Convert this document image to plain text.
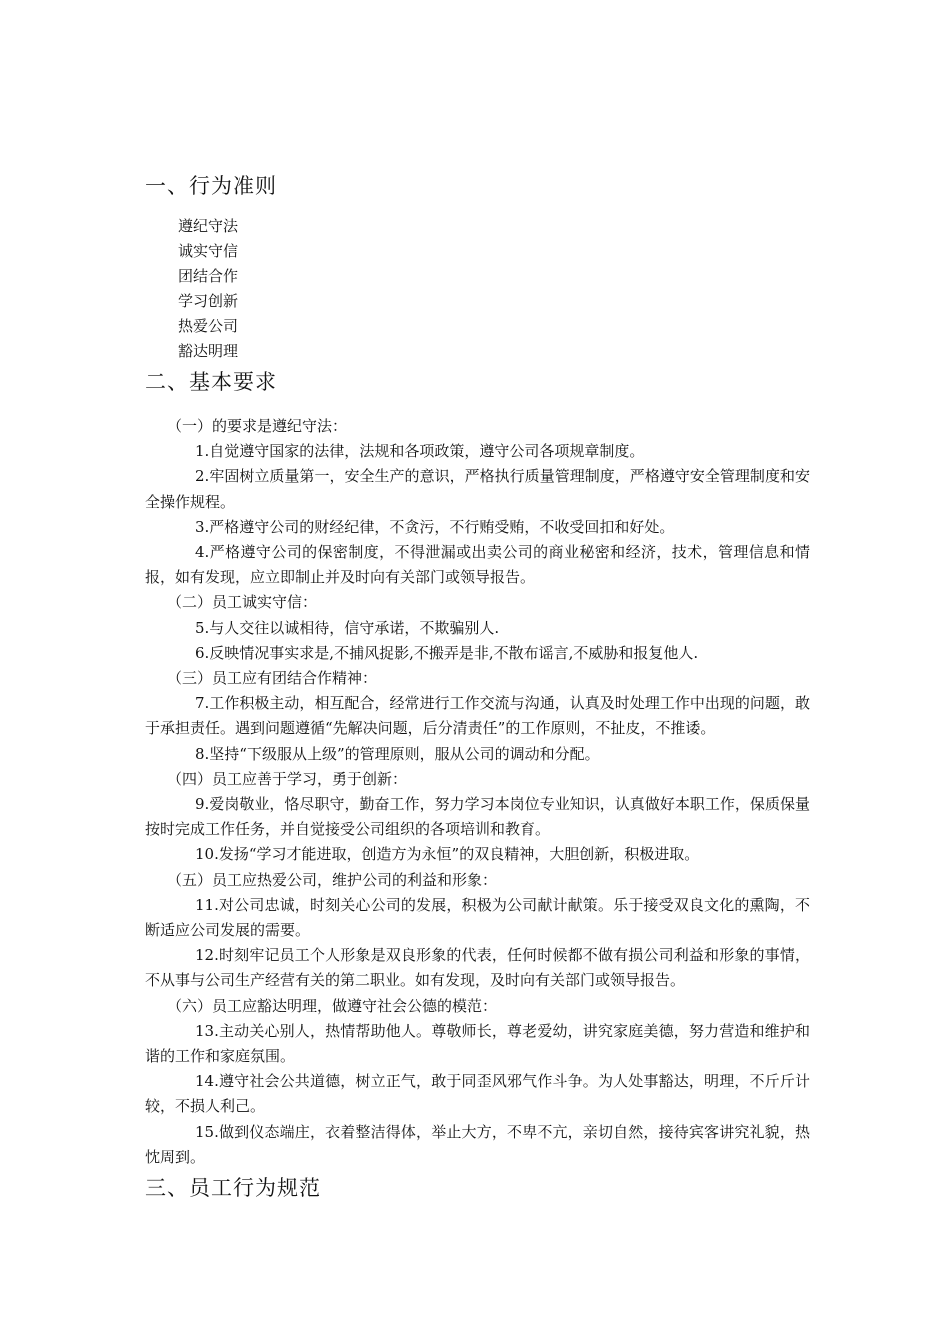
一、行为准则
遵纪守法
诚实守信
团结合作
学习创新
热爱公司
豁达明理
二、基本要求

（一）的要求是遵纪守法：

1.自觉遵守国家的法律，法规和各项政策，遵守公司各项规章制度。

2.牢固树立质量第一，安全生产的意识，严格执行质量管理制度，严格遵守安全管理制度和安全操作规程。

3.严格遵守公司的财经纪律，不贪污，不行贿受贿，不收受回扣和好处。

4.严格遵守公司的保密制度，不得泄漏或出卖公司的商业秘密和经济，技术，管理信息和情报，如有发现，应立即制止并及时向有关部门或领导报告。

（二）员工诚实守信：

5.与人交往以诚相待，信守承诺，不欺骗别人.

6.反映情况事实求是,不捕风捉影,不搬弄是非,不散布谣言,不威胁和报复他人.

（三）员工应有团结合作精神：

7.工作积极主动，相互配合，经常进行工作交流与沟通，认真及时处理工作中出现的问题，敢于承担责任。遇到问题遵循“先解决问题，后分清责任”的工作原则，不扯皮，不推诿。

8.坚持“下级服从上级”的管理原则，服从公司的调动和分配。

（四）员工应善于学习，勇于创新：

9.爱岗敬业，恪尽职守，勤奋工作，努力学习本岗位专业知识，认真做好本职工作，保质保量按时完成工作任务，并自觉接受公司组织的各项培训和教育。

10.发扬“学习才能进取，创造方为永恒”的双良精神，大胆创新，积极进取。

（五）员工应热爱公司，维护公司的利益和形象：

11.对公司忠诚，时刻关心公司的发展，积极为公司献计献策。乐于接受双良文化的熏陶，不断适应公司发展的需要。

12.时刻牢记员工个人形象是双良形象的代表，任何时候都不做有损公司利益和形象的事情，不从事与公司生产经营有关的第二职业。如有发现，及时向有关部门或领导报告。

（六）员工应豁达明理，做遵守社会公德的模范：

13.主动关心别人，热情帮助他人。尊敬师长，尊老爱幼，讲究家庭美德，努力营造和维护和谐的工作和家庭氛围。

14.遵守社会公共道德，树立正气，敢于同歪风邪气作斗争。为人处事豁达，明理，不斤斤计较，不损人利己。

15.做到仪态端庄，衣着整洁得体，举止大方，不卑不亢，亲切自然，接待宾客讲究礼貌，热忱周到。

三、员工行为规范
